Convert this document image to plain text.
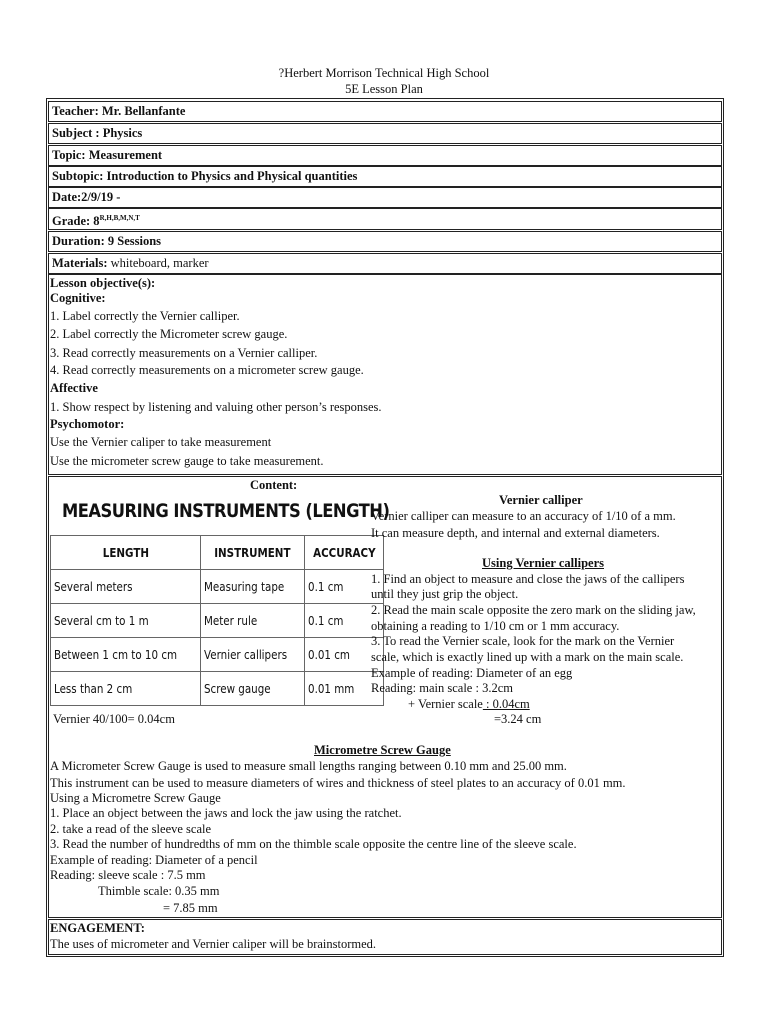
?Herbert Morrison Technical High School
5E Lesson Plan
Teacher: Mr. Bellanfante
Subject : Physics
Topic: Measurement
Subtopic: Introduction to Physics and Physical quantities
Date:2/9/19 -
Grade: $8^{R,H,B,M,N,T}$
Duration: 9 Sessions
Materials: whiteboard, marker
Lesson objective(s):
Cognitive:
1. Label correctly the Vernier calliper.
2. Label correctly the Micrometer screw gauge.
3. Read correctly measurements on a Vernier calliper.
4. Read correctly measurements on a micrometer screw gauge.
Affective
1. Show respect by listening and valuing other person’s responses.
Psychomotor:
Use the Vernier caliper to take measurement
Use the micrometer screw gauge to take measurement.
Content:
MEASURING INSTRUMENTS (LENGTH)
LENGTH	INSTRUMENT	ACCURACY
Several meters	Measuring tape	0.1 cm
Several cm to 1 m	Meter rule	0.1 cm
Between 1 cm to 10 cm	Vernier callipers	0.01 cm
Less than 2 cm	Screw gauge	0.01 mm
Vernier 40/100= 0.04cm
Vernier calliper
Vernier calliper can measure to an accuracy of 1/10 of a mm.
It can measure depth, and internal and external diameters.
Using Vernier callipers
1. Find an object to measure and close the jaws of the callipers
until they just grip the object.
2. Read the main scale opposite the zero mark on the sliding jaw,
obtaining a reading to 1/10 cm or 1 mm accuracy.
3. To read the Vernier scale, look for the mark on the Vernier
scale, which is exactly lined up with a mark on the main scale.
Example of reading: Diameter of an egg
Reading: main scale : 3.2cm
+ Vernier scale : 0.04cm
=3.24 cm
Micrometre Screw Gauge
A Micrometer Screw Gauge is used to measure small lengths ranging between 0.10 mm and 25.00 mm.
This instrument can be used to measure diameters of wires and thickness of steel plates to an accuracy of 0.01 mm.
Using a Micrometre Screw Gauge
1. Place an object between the jaws and lock the jaw using the ratchet.
2. take a read of the sleeve scale
3. Read the number of hundredths of mm on the thimble scale opposite the centre line of the sleeve scale.
Example of reading: Diameter of a pencil
Reading: sleeve scale : 7.5 mm
Thimble scale: 0.35 mm
= 7.85 mm
ENGAGEMENT:
The uses of micrometer and Vernier caliper will be brainstormed.
